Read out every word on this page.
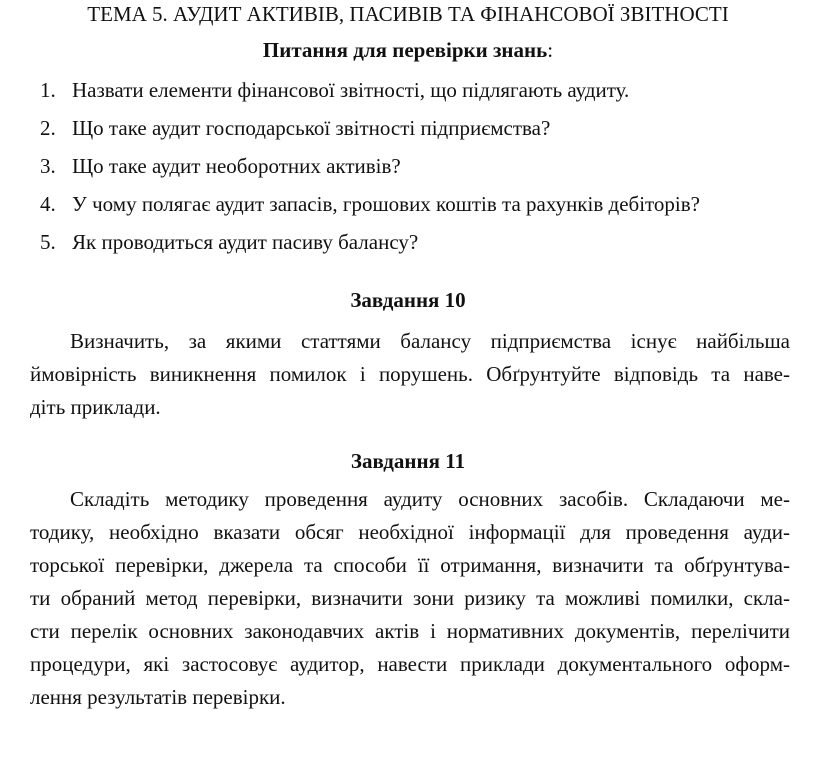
ТЕМА 5. АУДИТ АКТИВІВ, ПАСИВІВ ТА ФІНАНСОВОЇ ЗВІТНОСТІ
Питання для перевірки знань:
1. Назвати елементи фінансової звітності, що підлягають аудиту.
2. Що таке аудит господарської звітності підприємства?
3. Що таке аудит необоротних активів?
4. У чому полягає аудит запасів, грошових коштів та рахунків дебіторів?
5. Як проводиться аудит пасиву балансу?
Завдання 10
Визначить, за якими статтями балансу підприємства існує найбільша
ймовірність виникнення помилок і порушень. Обґрунтуйте відповідь та наве-
діть приклади.
Завдання 11
Складіть методику проведення аудиту основних засобів. Складаючи ме-
тодику, необхідно вказати обсяг необхідної інформації для проведення ауди-
торської перевірки, джерела та способи її отримання, визначити та обґрунтува-
ти обраний метод перевірки, визначити зони ризику та можливі помилки, скла-
сти перелік основних законодавчих актів і нормативних документів, перелічити
процедури, які застосовує аудитор, навести приклади документального оформ-
лення результатів перевірки.
